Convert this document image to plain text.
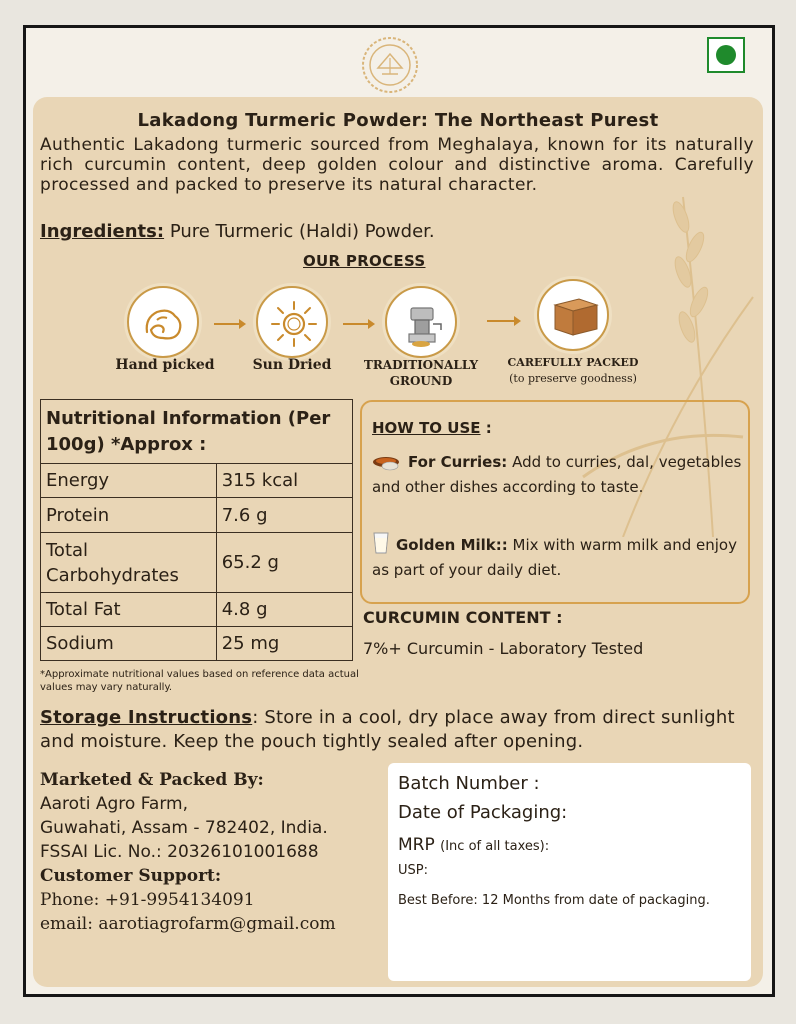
Lakadong Turmeric Powder: The Northeast Purest
Authentic Lakadong turmeric sourced from Meghalaya, known for its naturally rich curcumin content, deep golden colour and distinctive aroma. Carefully processed and packed to preserve its natural character.
Ingredients: Pure Turmeric (Haldi) Powder.
OUR PROCESS
Hand picked	Sun Dried	TRADITIONALLY GROUND
CAREFULLY PACKED (to preserve goodness)
Nutritional Information (Per 100g) *Approx :	
Energy	315 kcal
Protein	7.6 g
Total Carbohydrates	65.2 g
Total Fat	4.8 g
Sodium	25 mg
*Approximate nutritional values based on reference data actual values may vary naturally.
HOW TO USE :
For Curries: Add to curries, dal, vegetables and other dishes according to taste.
Golden Milk:: Mix with warm milk and enjoy as part of your daily diet.
CURCUMIN CONTENT :
7%+ Curcumin - Laboratory Tested
Storage Instructions: Store in a cool, dry place away from direct sunlight and moisture. Keep the pouch tightly sealed after opening.
Marketed & Packed By:
Aaroti Agro Farm,
Guwahati, Assam - 782402, India.
FSSAI Lic. No.: 20326101001688
Customer Support:
Phone: +91-9954134091
email: aarotiagrofarm@gmail.com
Batch Number :
Date of Packaging:
MRP (Inc of all taxes):
USP:
Best Before: 12 Months from date of packaging.
